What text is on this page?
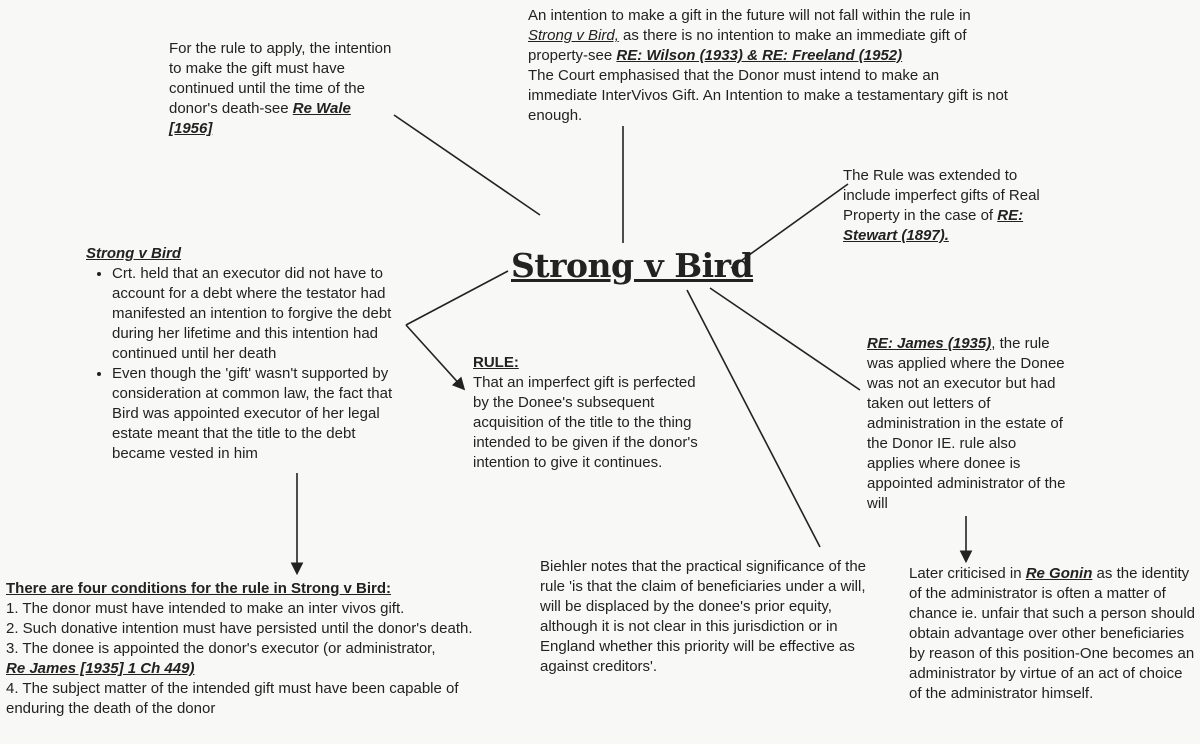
Strong v Bird
For the rule to apply, the intention to make the gift must have continued until the time of the donor's death-see Re Wale [1956]

An intention to make a gift in the future will not fall within the rule in Strong v Bird, as there is no intention to make an immediate gift of property-see RE: Wilson (1933) & RE: Freeland (1952)

The Court emphasised that the Donor must intend to make an immediate InterVivos Gift. An Intention to make a testamentary gift is not enough.

The Rule was extended to include imperfect gifts of Real Property in the case of RE: Stewart (1897).

Strong v Bird

• Crt. held that an executor did not have to account for a debt where the testator had manifested an intention to forgive the debt during her lifetime and this intention had continued until her death
• Even though the 'gift' wasn't supported by consideration at common law, the fact that Bird was appointed executor of her legal estate meant that the title to the debt became vested in him

RULE:

That an imperfect gift is perfected by the Donee's subsequent acquisition of the title to the thing intended to be given if the donor's intention to give it continues.

RE: James (1935), the rule was applied where the Donee was not an executor but had taken out letters of administration in the estate of the Donor IE. rule also applies where donee is appointed administrator of the will

There are four conditions for the rule in Strong v Bird:

1. The donor must have intended to make an inter vivos gift.

2. Such donative intention must have persisted until the donor's death.

3. The donee is appointed the donor's executor (or administrator,

Re James [1935] 1 Ch 449)

4. The subject matter of the intended gift must have been capable of enduring the death of the donor

Biehler notes that the practical significance of the rule 'is that the claim of beneficiaries under a will, will be displaced by the donee's prior equity, although it is not clear in this jurisdiction or in England whether this priority will be effective as against creditors'.
Later criticised in Re Gonin as the identity of the administrator is often a matter of chance ie. unfair that such a person should obtain advantage over other beneficiaries by reason of this position-One becomes an administrator by virtue of an act of choice of the administrator himself.
